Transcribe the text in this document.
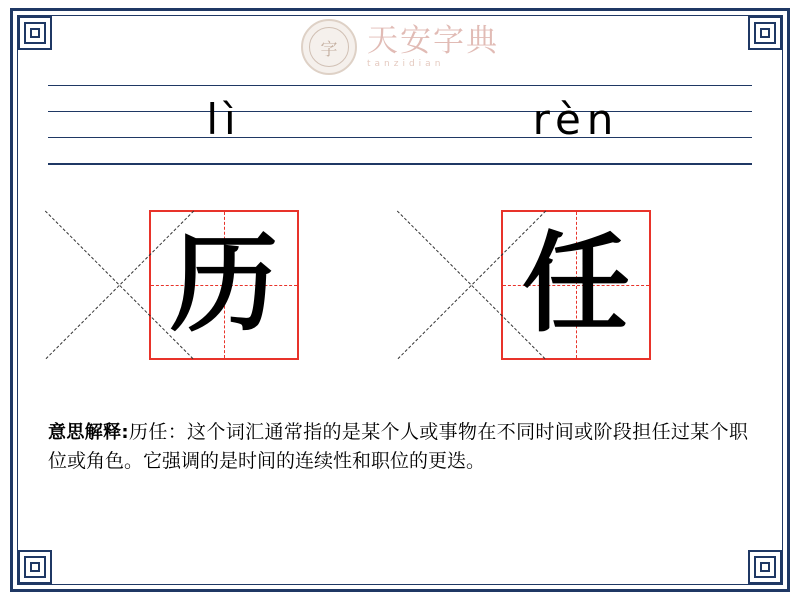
字 天安字典
tanzidian
lì	rèn
历 任
意思解释:历任：这个词汇通常指的是某个人或事物在不同时间或阶段担任过某个职位或角色。它强调的是时间的连续性和职位的更迭。
